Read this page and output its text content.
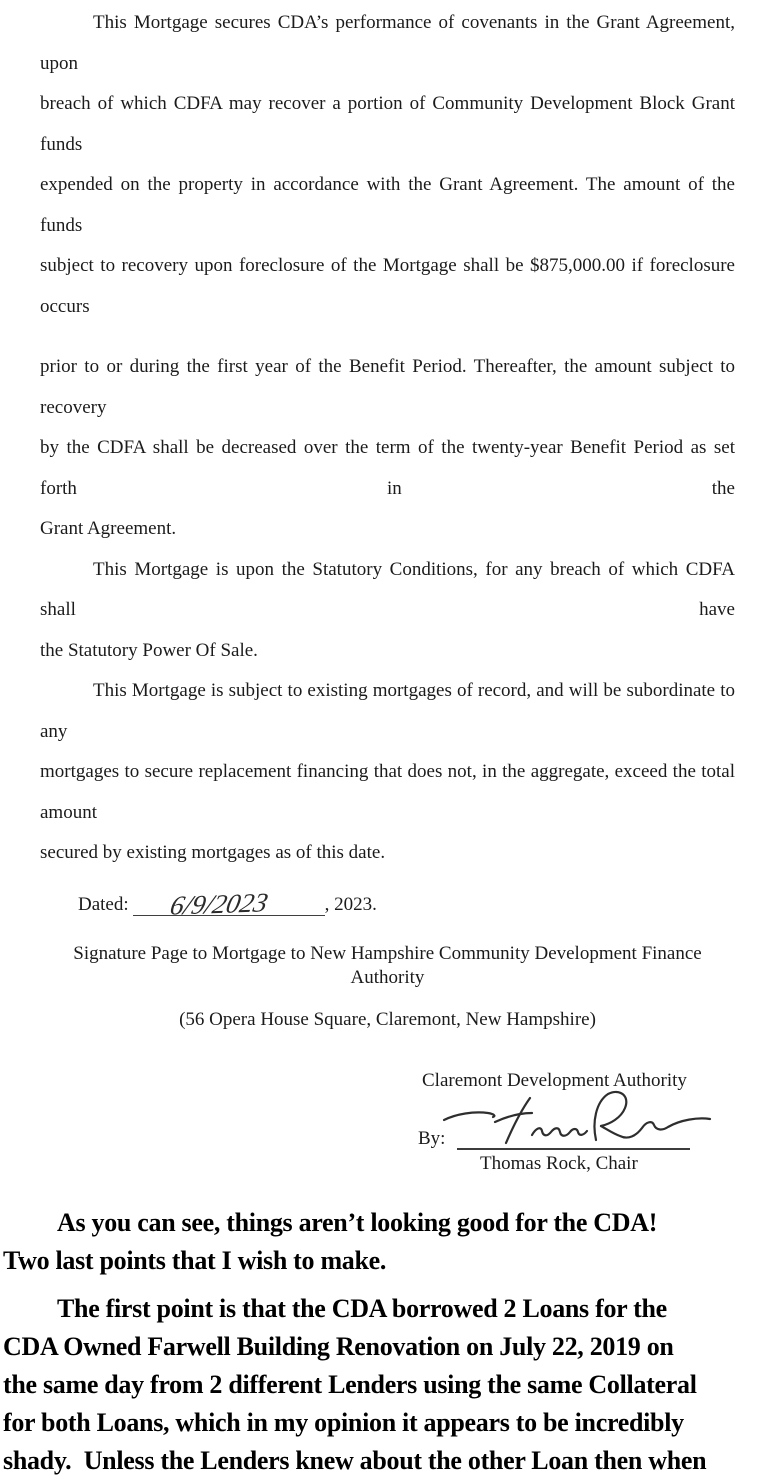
This Mortgage secures CDA’s performance of covenants in the Grant Agreement, upon
breach of which CDFA may recover a portion of Community Development Block Grant funds
expended on the property in accordance with the Grant Agreement. The amount of the funds
subject to recovery upon foreclosure of the Mortgage shall be $875,000.00 if foreclosure occurs
prior to or during the first year of the Benefit Period. Thereafter, the amount subject to recovery
by the CDFA shall be decreased over the term of the twenty-year Benefit Period as set forth in the
Grant Agreement.
This Mortgage is upon the Statutory Conditions, for any breach of which CDFA shall have
the Statutory Power Of Sale.
This Mortgage is subject to existing mortgages of record, and will be subordinate to any
mortgages to secure replacement financing that does not, in the aggregate, exceed the total amount
secured by existing mortgages as of this date.
Dated: 6/9/2023	, 2023.
Signature Page to Mortgage to New Hampshire Community Development Finance Authority
(56 Opera House Square, Claremont, New Hampshire)
Claremont Development Authority
By:
Thomas Rock, Chair
As you can see, things aren’t looking good for the CDA!
Two last points that I wish to make.
The first point is that the CDA borrowed 2 Loans for the
CDA Owned Farwell Building Renovation on July 22, 2019 on
the same day from 2 different Lenders using the same Collateral
for both Loans, which in my opinion it appears to be incredibly
shady.  Unless the Lenders knew about the other Loan then when
